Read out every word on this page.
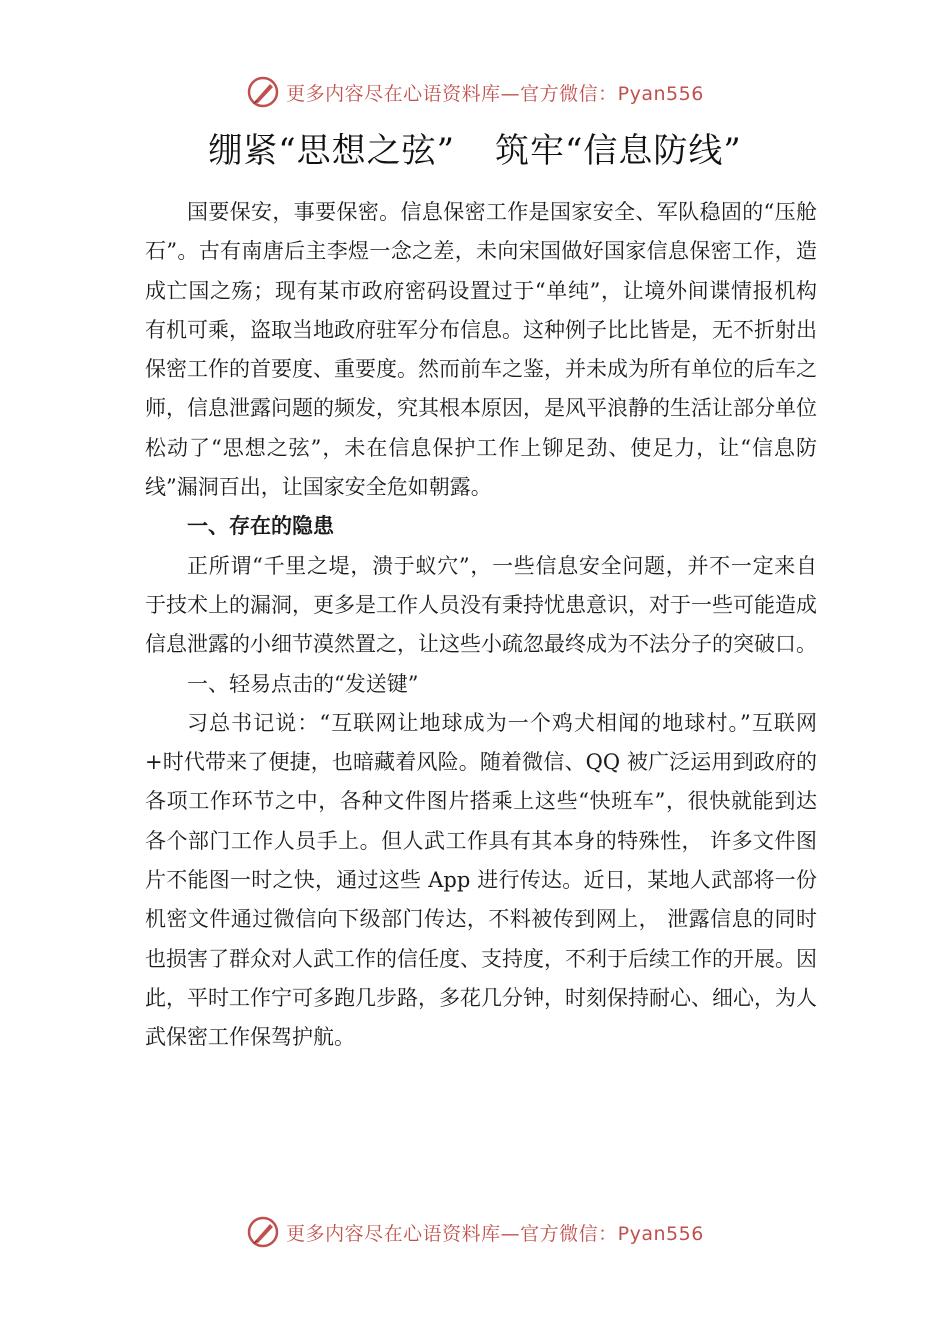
更多内容尽在心语资料库—官方微信：Pyan556
绷紧“思想之弦” 筑牢“信息防线”

国要保安，事要保密。信息保密工作是国家安全、军队稳固的“压舱石”。古有南唐后主李煜一念之差，未向宋国做好国家信息保密工作，造成亡国之殇；现有某市政府密码设置过于“单纯”，让境外间谍情报机构有机可乘，盗取当地政府驻军分布信息。这种例子比比皆是，无不折射出保密工作的首要度、重要度。然而前车之鉴，并未成为所有单位的后车之师，信息泄露问题的频发，究其根本原因，是风平浪静的生活让部分单位松动了“思想之弦”，未在信息保护工作上铆足劲、使足力，让“信息防线”漏洞百出，让国家安全危如朝露。

一、存在的隐患

正所谓“千里之堤，溃于蚁穴”，一些信息安全问题，并不一定来自于技术上的漏洞，更多是工作人员没有秉持忧患意识，对于一些可能造成信息泄露的小细节漠然置之，让这些小疏忽最终成为不法分子的突破口。

一、轻易点击的“发送键”

习总书记说：“互联网让地球成为一个鸡犬相闻的地球村。”互联网+时代带来了便捷，也暗藏着风险。随着微信、QQ 被广泛运用到政府的各项工作环节之中，各种文件图片搭乘上这些“快班车”，很快就能到达各个部门工作人员手上。但人武工作具有其本身的特殊性， 许多文件图片不能图一时之快，通过这些 App 进行传达。近日，某地人武部将一份机密文件通过微信向下级部门传达，不料被传到网上， 泄露信息的同时也损害了群众对人武工作的信任度、支持度，不利于后续工作的开展。因此，平时工作宁可多跑几步路，多花几分钟，时刻保持耐心、细心，为人武保密工作保驾护航。

更多内容尽在心语资料库—官方微信：Pyan556
